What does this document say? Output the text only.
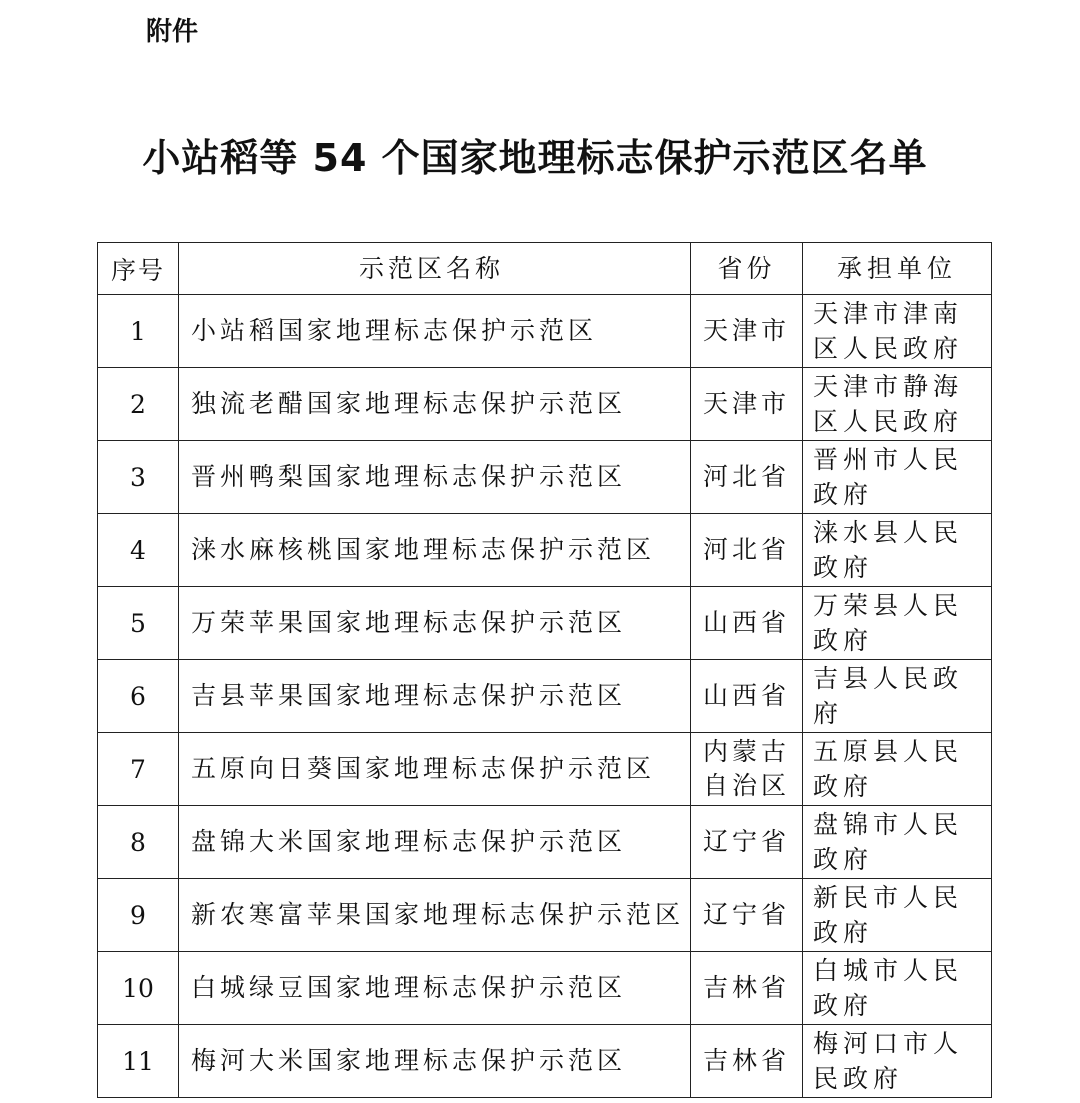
附件
小站稻等 54 个国家地理标志保护示范区名单
序号	示范区名称	省份	承担单位
1	小站稻国家地理标志保护示范区	天津市	天津市津南区人民政府
2	独流老醋国家地理标志保护示范区	天津市	天津市静海区人民政府
3	晋州鸭梨国家地理标志保护示范区	河北省	晋州市人民政府
4	涞水麻核桃国家地理标志保护示范区	河北省	涞水县人民政府
5	万荣苹果国家地理标志保护示范区	山西省	万荣县人民政府
6	吉县苹果国家地理标志保护示范区	山西省	吉县人民政府
7	五原向日葵国家地理标志保护示范区	内蒙古自治区	五原县人民政府
8	盘锦大米国家地理标志保护示范区	辽宁省	盘锦市人民政府
9	新农寒富苹果国家地理标志保护示范区	辽宁省	新民市人民政府
10	白城绿豆国家地理标志保护示范区	吉林省	白城市人民政府
11	梅河大米国家地理标志保护示范区	吉林省	梅河口市人民政府
